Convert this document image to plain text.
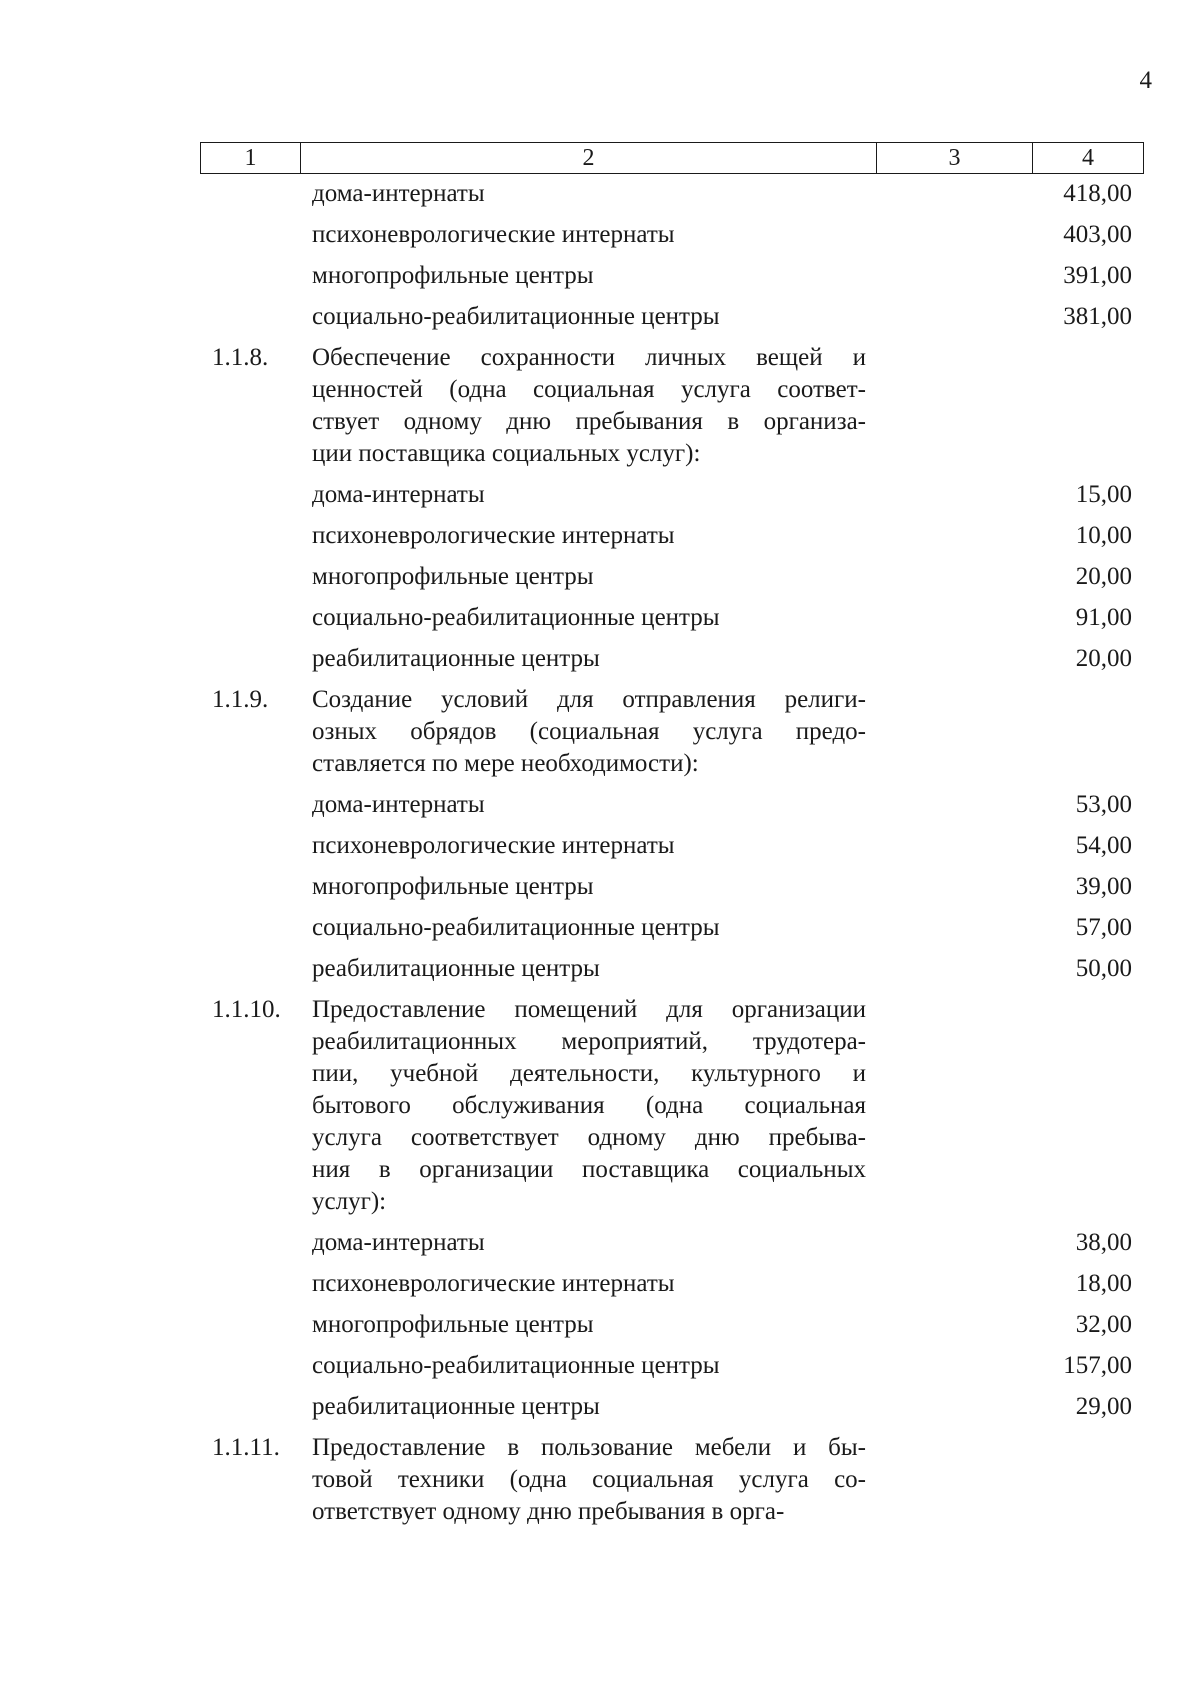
4
1	2	3	4
дома-интернаты	418,00
психоневрологические интернаты	403,00
многопрофильные центры	391,00
социально-реабилитационные центры	381,00
1.1.8. Обеспечение сохранности личных вещей и
ценностей (одна социальная услуга соответ-
ствует одному дню пребывания в организа-
ции поставщика социальных услуг):
дома-интернаты	15,00
психоневрологические интернаты	10,00
многопрофильные центры	20,00
социально-реабилитационные центры	91,00
реабилитационные центры	20,00
1.1.9. Создание условий для отправления религи-
озных обрядов (социальная услуга предо-
ставляется по мере необходимости):
дома-интернаты	53,00
психоневрологические интернаты	54,00
многопрофильные центры	39,00
социально-реабилитационные центры	57,00
реабилитационные центры	50,00
1.1.10. Предоставление помещений для организации
реабилитационных мероприятий, трудотера-
пии, учебной деятельности, культурного и
бытового обслуживания (одна социальная
услуга соответствует одному дню пребыва-
ния в организации поставщика социальных
услуг):
дома-интернаты	38,00
психоневрологические интернаты	18,00
многопрофильные центры	32,00
социально-реабилитационные центры	157,00
реабилитационные центры	29,00
1.1.11. Предоставление в пользование мебели и бы-
товой техники (одна социальная услуга со-
ответствует одному дню пребывания в орга-
